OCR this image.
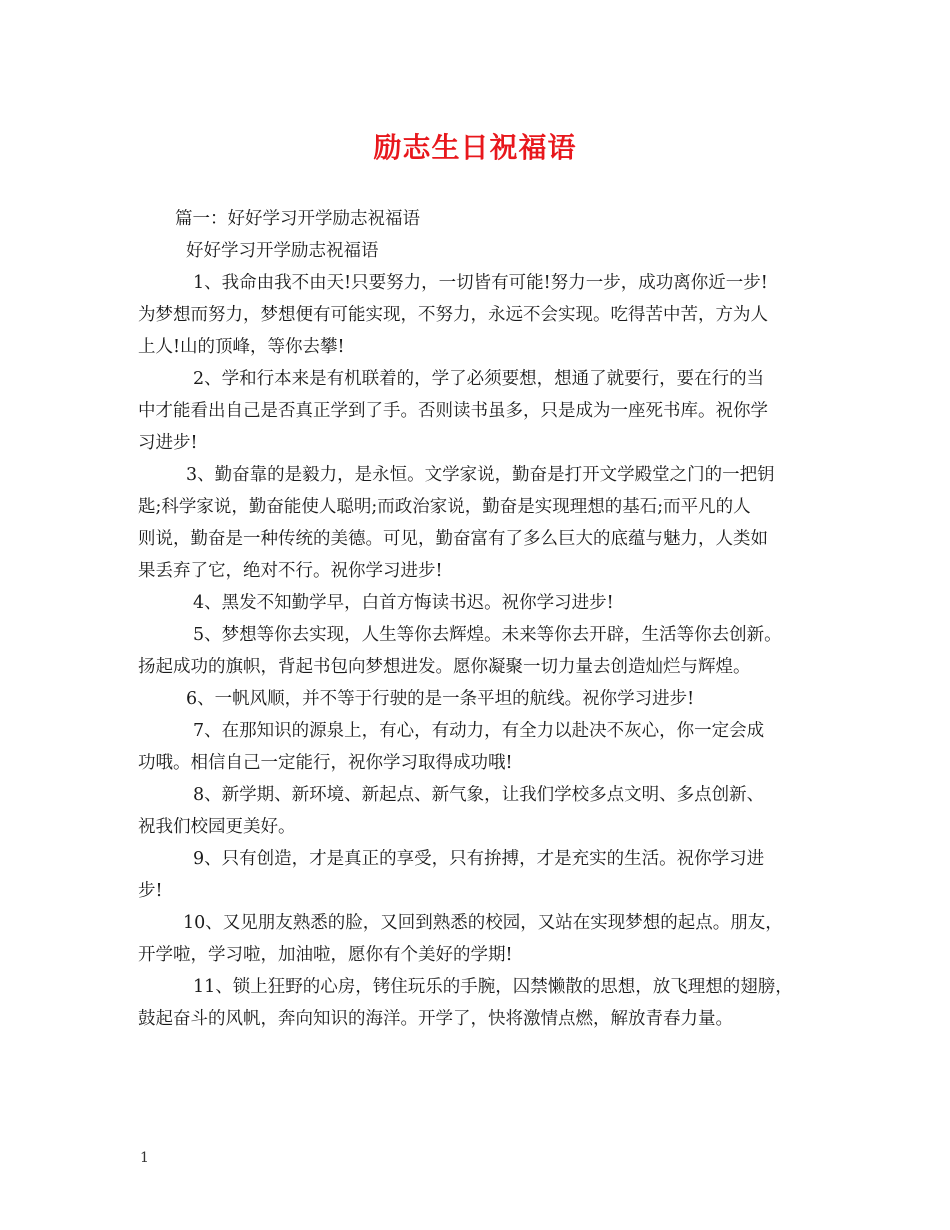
励志生日祝福语
篇一：好好学习开学励志祝福语
好好学习开学励志祝福语
1、我命由我不由天!只要努力，一切皆有可能!努力一步，成功离你近一步!
为梦想而努力，梦想便有可能实现，不努力，永远不会实现。吃得苦中苦，方为人
上人!山的顶峰，等你去攀!
2、学和行本来是有机联着的，学了必须要想，想通了就要行，要在行的当
中才能看出自己是否真正学到了手。否则读书虽多，只是成为一座死书库。祝你学
习进步!
3、勤奋靠的是毅力，是永恒。文学家说，勤奋是打开文学殿堂之门的一把钥
匙;科学家说，勤奋能使人聪明;而政治家说，勤奋是实现理想的基石;而平凡的人
则说，勤奋是一种传统的美德。可见，勤奋富有了多么巨大的底蕴与魅力，人类如
果丢弃了它，绝对不行。祝你学习进步!
4、黑发不知勤学早，白首方悔读书迟。祝你学习进步!
5、梦想等你去实现，人生等你去辉煌。未来等你去开辟，生活等你去创新。
扬起成功的旗帜，背起书包向梦想进发。愿你凝聚一切力量去创造灿烂与辉煌。
6、一帆风顺，并不等于行驶的是一条平坦的航线。祝你学习进步!
7、在那知识的源泉上，有心，有动力，有全力以赴决不灰心，你一定会成
功哦。相信自己一定能行，祝你学习取得成功哦!
8、新学期、新环境、新起点、新气象，让我们学校多点文明、多点创新、
祝我们校园更美好。
9、只有创造，才是真正的享受，只有拚搏，才是充实的生活。祝你学习进
步!
10、又见朋友熟悉的脸，又回到熟悉的校园，又站在实现梦想的起点。朋友，
开学啦，学习啦，加油啦，愿你有个美好的学期!
11、锁上狂野的心房，铐住玩乐的手腕，囚禁懒散的思想，放飞理想的翅膀，
鼓起奋斗的风帆，奔向知识的海洋。开学了，快将激情点燃，解放青春力量。
1
